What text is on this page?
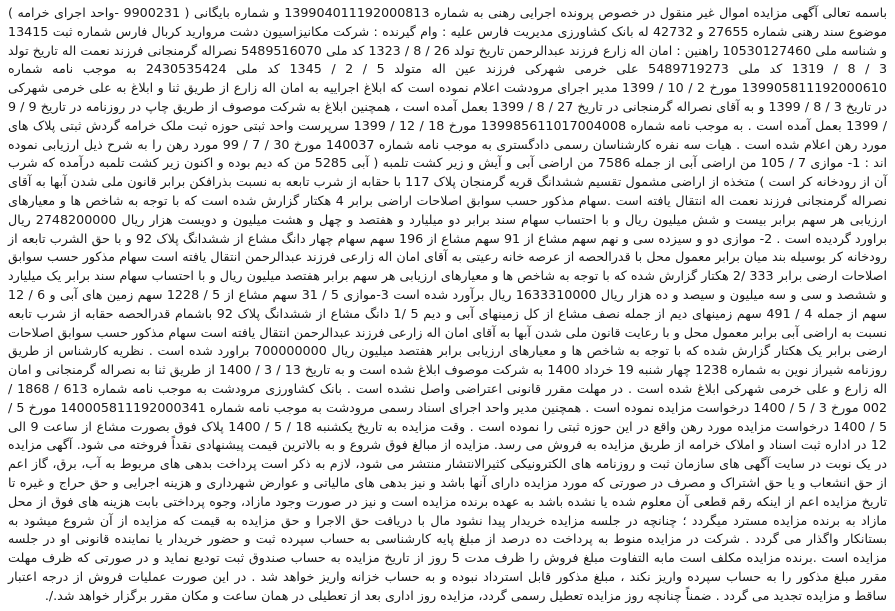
باسمه تعالی آگهی مزایده اموال غیر منقول در خصوص پرونده اجرایی رهنی به شماره 139904011192000813 و شماره بایگانی ( 9900231 -واحد اجرای خرامه ) موضوع سند رهنی شماره 27655 و 42732 له بانک کشاورزی مدیریت فارس علیه : وام گیرنده : شرکت مکانیزاسیون دشت مرواريد کربال فارس شماره ثبت 13415 و شناسه ملی 10530127460 راهنین : امان اله زارع فرزند عبدالرحمن تاریخ تولد 26 / 8 / 1323 کد ملی 5489516070 نصراله گرمنجانی فرزند نعمت اله تاریخ تولد 3 / 8 / 1319 کد ملی 5489719273 علی خرمی شهرکی فرزند عین اله متولد 5 / 2 / 1345 کد ملی 2430535424 به موجب نامه شماره 139905811192000610 مورخ 2 / 10 / 1399 مدیر اجرای مرودشت اعلام نموده است که ابلاغ اجراییه به امان اله زارع از طریق ثنا و ابلاغ به علی خرمی شهرکی در تاریخ 3 / 8 / 1399 و به آقای نصراله گرمنجانی در تاریخ 27 / 8 / 1399 بعمل آمده است ، همچنین ابلاغ به شرکت موصوف از طریق چاپ در روزنامه در تاریخ 9 / 9 / 1399 بعمل آمده است . به موجب نامه شماره 139985611017004008 مورخ 18 / 12 / 1399 سرپرست واحد ثبتی حوزه ثبت ملک خرامه گردش ثبتی پلاک های مورد رهن اعلام شده است . هیات سه نفره کارشناسان رسمی دادگستری به موجب نامه شماره 140037 مورخ 30 / 7 / 99 مورد رهن را به شرح ذیل ارزیابی نموده اند : 1- موازی 7 / 105 من اراضی آبی از جمله 7586 من اراضی آبی و آیش و زیر کشت تلمبه ( آبی 5285 من که دیم بوده و اکنون زیر کشت تلمبه درآمده که شرب آن از رودخانه کر است ) متخذه از اراضی مشمول تقسیم ششدانگ قریه گرمنجان پلاک 117 با حقابه از شرب تابعه به نسبت بذرافکن برابر قانون ملی شدن آبها به آقای نصراله گرمنجانی فرزند نعمت اله انتقال یافته است .سهام مذکور حسب سوابق اصلاحات اراضی برابر 4 هکتار گزارش شده است که با توجه به شاخص ها و معیارهای ارزیابی هر سهم برابر بیست و شش میلیون ریال و با احتساب سهام سند برابر دو میلیارد و هفتصد و چهل و هشت میلیون و دویست هزار ریال 2748200000 ریال براورد گردیده است . 2- موازی دو و سیزده سی و نهم سهم مشاع از 91 سهم مشاع از 196 سهم سهام چهار دانگ مشاع از ششدانگ پلاک 92 و با حق الشرب تابعه از رودخانه کر بوسیله بند میان برابر معمول محل با قدرالحصه از عرصه خانه رعیتی به آقای امان اله زارعی فرزند عبدالرحمن انتقال یافته است سهام مذکور حسب سوابق اصلاحات ارضی برابر 333 /2 هکتار گزارش شده که با توجه به شاخص ها و معیارهای ارزیابی هر سهم برابر هفتصد میلیون ریال و با احتساب سهام سند برابر یک میلیارد و ششصد و سی و سه میلیون و سیصد و ده هزار ریال 1633310000 ریال برآورد شده است 3-موازی 5 / 31 سهم مشاع از 5 / 1228 سهم زمین های آبی و 6 / 12 سهم از جمله 4 / 491 سهم زمینهای دیم از جمله نصف مشاع از کل زمینهای آبی و دیم 5 /1 دانگ مشاع از ششدانگ پلاک 92 باشمام قدرالحصه حقابه از شرب تابعه نسبت به اراضی آبی برابر معمول محل و با رعایت قانون ملی شدن آبها به آقای امان اله زارعی فرزند عبدالرحمن انتقال یافته است سهام مذکور حسب سوابق اصلاحات ارضی برابر یک هکتار گزارش شده که با توجه به شاخص ها و معیارهای ارزیابی برابر هفتصد میلیون ریال 700000000 براورد شده است . نظریه کارشناس از طریق روزنامه شیراز نوین به شماره 1238 چهار شنبه 19 خرداد 1400 به شرکت موصوف ابلاغ شده است و به تاریخ 13 / 3 / 1400 از طریق ثنا به نصراله گرمنجانی و امان اله زارع و علی خرمی شهرکی ابلاغ شده است . در مهلت مقرر قانونی اعتراضی واصل نشده است . بانک کشاورزی مرودشت به موجب نامه شماره 613 / 1868 / 002 مورخ 3 / 5 / 1400 درخواست مزایده نموده است . همچنین مدیر واحد اجرای اسناد رسمی مرودشت به موجب نامه شماره 140005811192000341 مورخ 5 / 5 / 1400 درخواست مزایده مورد رهن واقع در این حوزه ثبتی را نموده است . وقت مزایده به تاریخ یکشنبه 18 / 5 / 1400 پلاک فوق بصورت مشاع از ساعت 9 الی 12 در اداره ثبت اسناد و املاک خرامه از طریق مزایده به فروش می رسد. مزایده از مبالغ فوق شروع و به بالاترین قیمت پیشنهادی نقداً فروخته می شود. آگهی مزایده در یک نوبت در سایت آگهی های سازمان ثبت و روزنامه های الکترونیکی کثیرالانتشار منتشر می شود، لازم به ذکر است پرداخت بدهی های مربوط به آب، برق، گاز اعم از حق انشعاب و یا حق اشتراک و مصرف در صورتی که مورد مزایده دارای آنها باشد و نیز بدهی های مالیاتی و عوارض شهرداری و هزینه اجرایی و حق حراج و غیره تا تاریخ مزایده اعم از اینکه رقم قطعی آن معلوم شده یا نشده باشد به عهده برنده مزایده است و نیز در صورت وجود مازاد، وجوه پرداختی بابت هزینه های فوق از محل مازاد به برنده مزایده مسترد میگردد ؛ چنانچه در جلسه مزایده خریدار پیدا نشود مال با دریافت حق الاجرا و حق مزایده به قیمت که مزایده از آن شروع میشود به بستانکار واگذار می گردد . شرکت در مزایده منوط به پرداخت ده درصد از مبلغ پایه کارشناسی به حساب سپرده ثبت و حضور خریدار یا نماینده قانونی او در جلسه مزایده است .برنده مزایده مکلف است مابه التفاوت مبلغ فروش را ظرف مدت 5 روز از تاریخ مزایده به حساب صندوق ثبت تودیع نماید و در صورتی که ظرف مهلت مقرر مبلغ مذکور را به حساب سپرده واریز نکند ، مبلغ مذکور قابل استرداد نبوده و به حساب خزانه واریز خواهد شد . در این صورت عملیات فروش از درجه اعتبار ساقط و مزایده تجدید می گردد . ضمناً چنانچه روز مزایده تعطیل رسمی گردد، مزایده روز اداری بعد از تعطیلی در همان ساعت و مکان مقرر برگزار خواهد شد./.
